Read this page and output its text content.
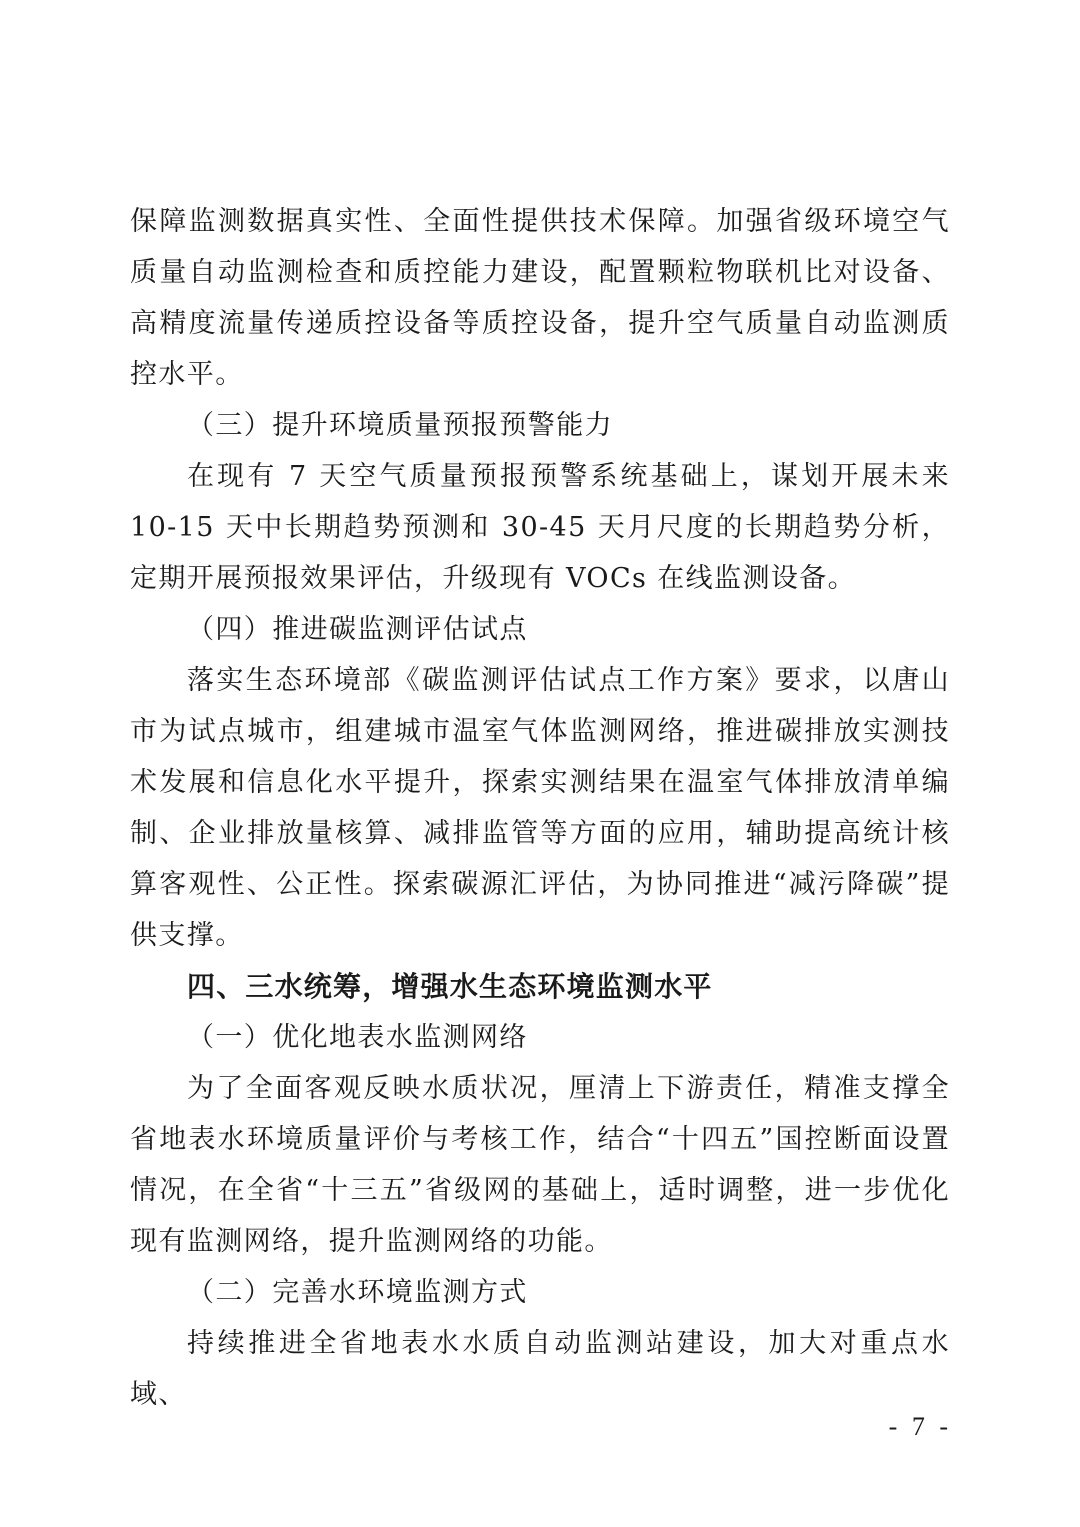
保障监测数据真实性、全面性提供技术保障。加强省级环境空气质量自动监测检查和质控能力建设，配置颗粒物联机比对设备、高精度流量传递质控设备等质控设备，提升空气质量自动监测质控水平。

（三）提升环境质量预报预警能力

在现有 7 天空气质量预报预警系统基础上，谋划开展未来10-15 天中长期趋势预测和 30-45 天月尺度的长期趋势分析，定期开展预报效果评估，升级现有 VOCs 在线监测设备。

（四）推进碳监测评估试点

落实生态环境部《碳监测评估试点工作方案》要求，以唐山市为试点城市，组建城市温室气体监测网络，推进碳排放实测技术发展和信息化水平提升，探索实测结果在温室气体排放清单编制、企业排放量核算、减排监管等方面的应用，辅助提高统计核算客观性、公正性。探索碳源汇评估，为协同推进“减污降碳”提供支撑。

四、三水统筹，增强水生态环境监测水平
（一）优化地表水监测网络

为了全面客观反映水质状况，厘清上下游责任，精准支撑全省地表水环境质量评价与考核工作，结合“十四五”国控断面设置情况，在全省“十三五”省级网的基础上，适时调整，进一步优化现有监测网络，提升监测网络的功能。

（二）完善水环境监测方式

持续推进全省地表水水质自动监测站建设，加大对重点水域、

- 7 -
